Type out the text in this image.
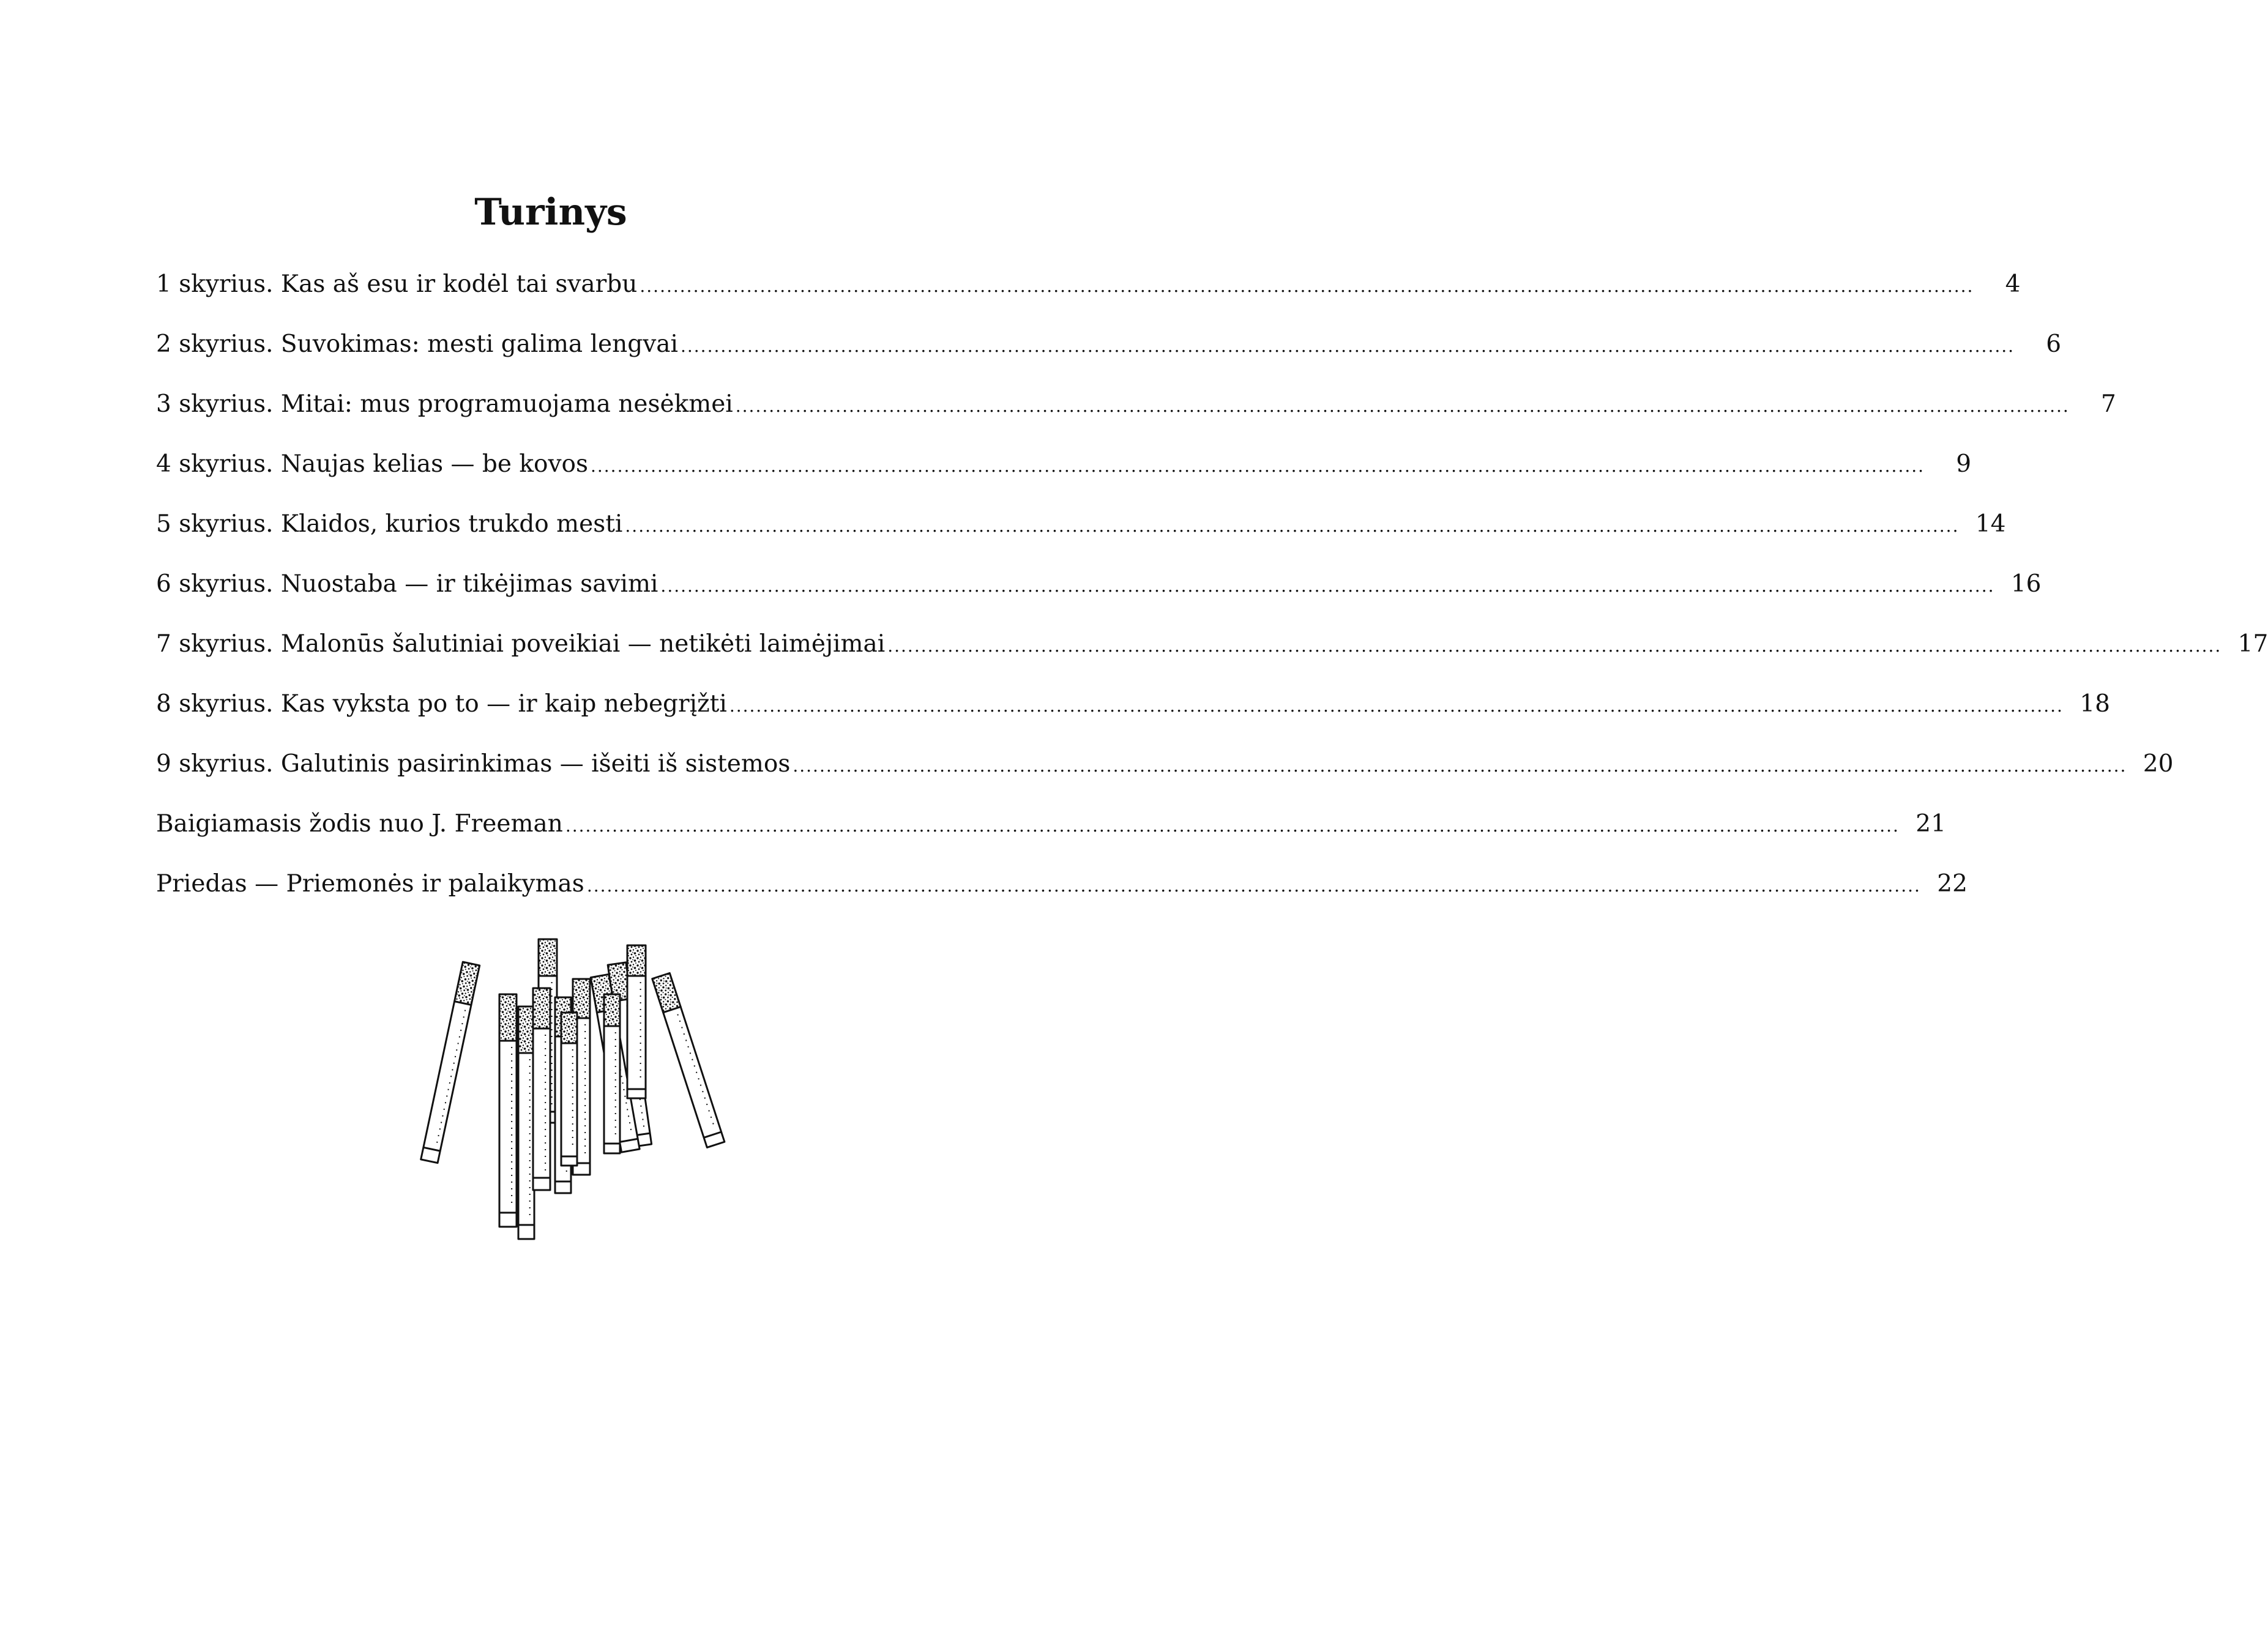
Turinys
1 skyrius. Kas aš esu ir kodėl tai svarbu ........................................................................................................................................................................................................	4
2 skyrius. Suvokimas: mesti galima lengvai ........................................................................................................................................................................................................	6
3 skyrius. Mitai: mus programuojama nesėkmei ........................................................................................................................................................................................................	7
4 skyrius. Naujas kelias — be kovos ........................................................................................................................................................................................................	9
5 skyrius. Klaidos, kurios trukdo mesti ........................................................................................................................................................................................................ 14
6 skyrius. Nuostaba — ir tikėjimas savimi ........................................................................................................................................................................................................ 16
7 skyrius. Malonūs šalutiniai poveikiai — netikėti laimėjimai ........................................................................................................................................................................................................ 17
8 skyrius. Kas vyksta po to — ir kaip nebegrįžti ........................................................................................................................................................................................................ 18
9 skyrius. Galutinis pasirinkimas — išeiti iš sistemos ........................................................................................................................................................................................................ 20
Baigiamasis žodis nuo J. Freeman ........................................................................................................................................................................................................ 21
Priedas — Priemonės ir palaikymas ........................................................................................................................................................................................................ 22
